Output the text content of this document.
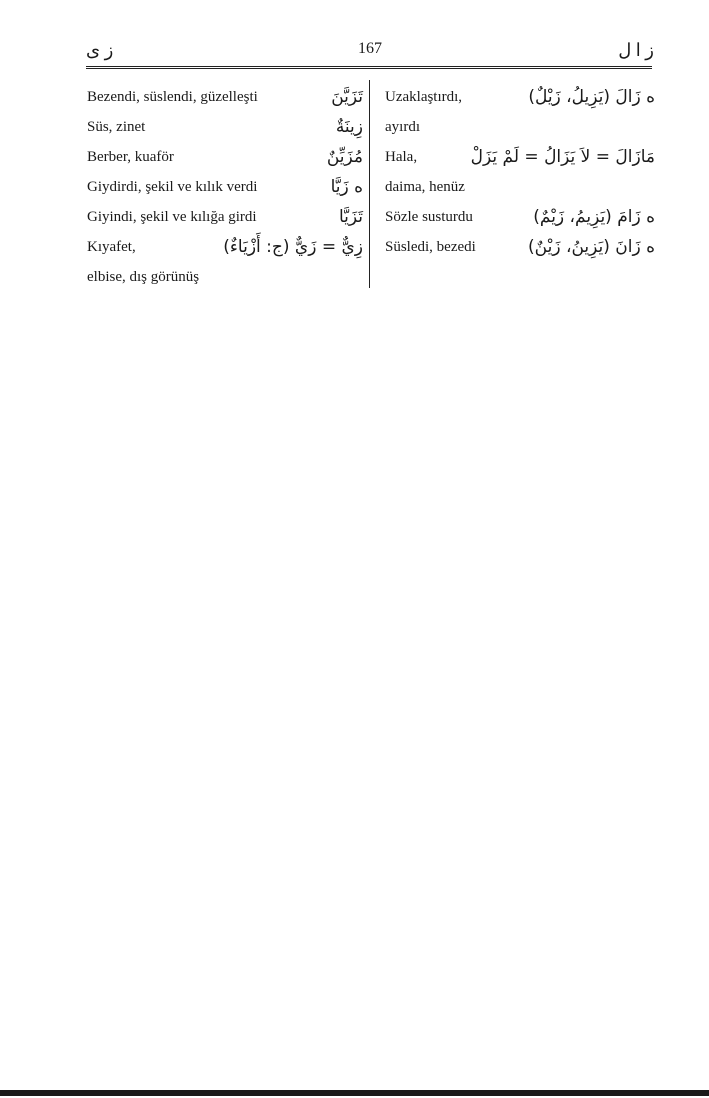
ز ى	167	ز ا ل
Bezendi, süslendi, güzelleşti	تَزَيَّنَ
Süs, zinet	زِينَةٌ
Berber, kuaför	مُزَيِّنٌ
Giydirdi, şekil ve kılık verdi	ﻩ زَيَّا
Giyindi, şekil ve kılığa girdi	تَزَيَّا
Kıyafet,	زِيٌّ = زَيٌّ (ج: أَزْيَاءٌ)
elbise, dış görünüş
Uzaklaştırdı,	ﻩ زَالَ (يَزِيلُ، زَيْلٌ)
ayırdı
Hala,	مَازَالَ = لاَ يَزَالُ = لَمْ يَزَلْ
daima, henüz
Sözle susturdu	ﻩ زَامَ (يَزِيمُ، زَيْمٌ)
Süsledi, bezedi	ﻩ زَانَ (يَزِينُ، زَيْنٌ)
